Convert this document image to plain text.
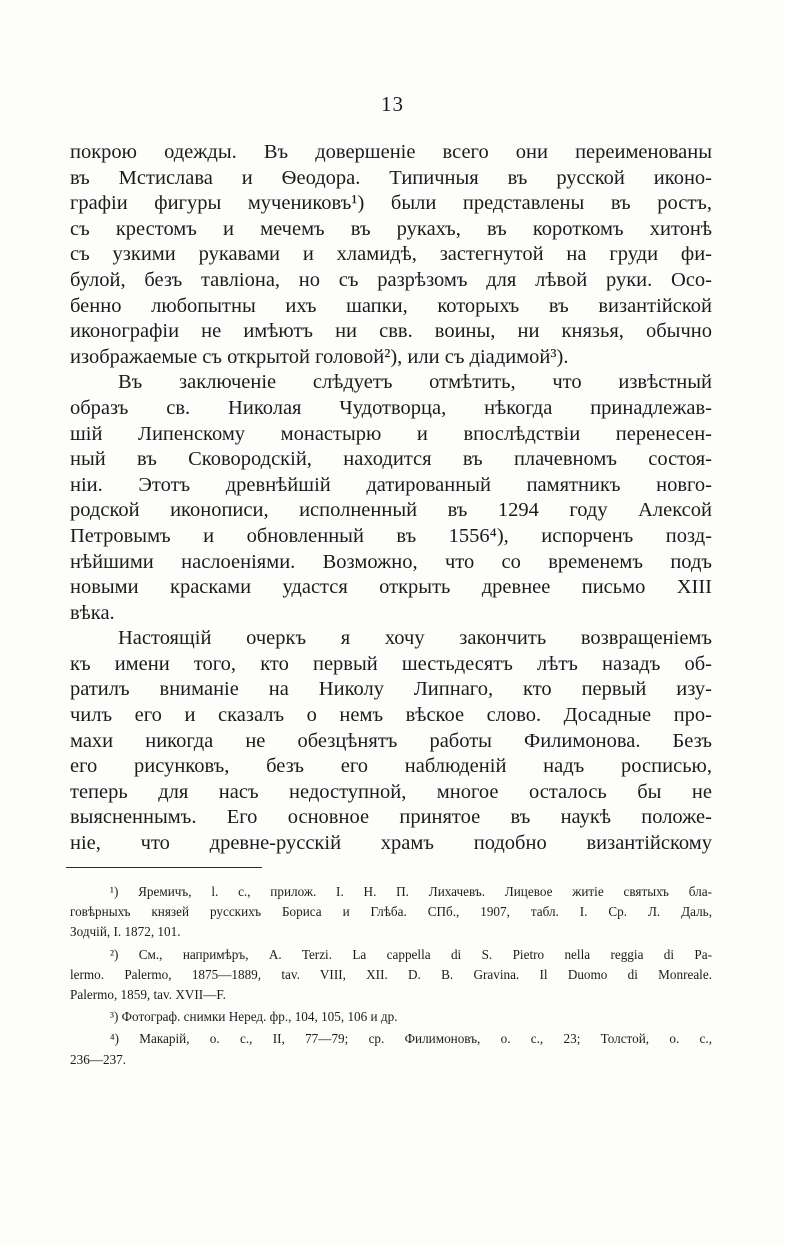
13
покрою одежды. Въ довершеніе всего они переименованы
въ Мстислава и Ѳеодора. Типичныя въ русской иконо-
графіи фигуры мучениковъ¹) были представлены въ ростъ,
съ крестомъ и мечемъ въ рукахъ, въ короткомъ хитонѣ
съ узкими рукавами и хламидѣ, застегнутой на груди фи-
булой, безъ тавліона, но съ разрѣзомъ для лѣвой руки. Осо-
бенно любопытны ихъ шапки, которыхъ въ византійской
иконографіи не имѣютъ ни свв. воины, ни князья, обычно
изображаемые съ открытой головой²), или съ діадимой³).
Въ заключеніе слѣдуетъ отмѣтить, что извѣстный
образъ св. Николая Чудотворца, нѣкогда принадлежав-
шій Липенскому монастырю и впослѣдствіи перенесен-
ный въ Сковородскій, находится въ плачевномъ состоя-
ніи. Этотъ древнѣйшій датированный памятникъ новго-
родской иконописи, исполненный въ 1294 году Алексой
Петровымъ и обновленный въ 1556⁴), испорченъ позд-
нѣйшими наслоеніями. Возможно, что со временемъ подъ
новыми красками удастся открыть древнее письмо XIII
вѣка.
Настоящій очеркъ я хочу закончить возвращеніемъ
къ имени того, кто первый шестьдесятъ лѣтъ назадъ об-
ратилъ вниманіе на Николу Липнаго, кто первый изу-
чилъ его и сказалъ о немъ вѣское слово. Досадные про-
махи никогда не обезцѣнятъ работы Филимонова. Безъ
его рисунковъ, безъ его наблюденій надъ росписью,
теперь для насъ недоступной, многое осталось бы не
выясненнымъ. Его основное принятое въ наукѣ положе-
ніе, что древне-русскій храмъ подобно византійскому
¹) Яремичъ, l. c., прилож. I. Н. П. Лихачевъ. Лицевое житіе святыхъ бла-
говѣрныхъ князей русскихъ Бориса и Глѣба. СПб., 1907, табл. I. Ср. Л. Даль,
Зодчій, I. 1872, 101.
²) См., напримѣръ, A. Terzi. La cappella di S. Pietro nella reggia di Pa-
lermo. Palermo, 1875—1889, tav. VIII, XII. D. B. Gravina. Il Duomo di Monreale.
Palermo, 1859, tav. XVII—F.
³) Фотограф. снимки Неред. фр., 104, 105, 106 и др.
⁴) Макарій, о. с., II, 77—79; ср. Филимоновъ, о. с., 23; Толстой, о. с.,
236—237.
